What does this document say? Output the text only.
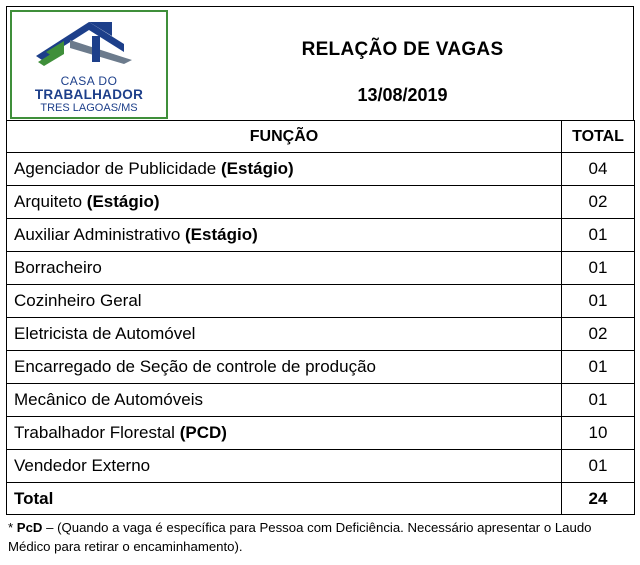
CASA DO
TRABALHADOR
TRES LAGOAS/MS
RELAÇÃO DE VAGAS
13/08/2019
FUNÇÃO	TOTAL
Agenciador de Publicidade (Estágio)	04
Arquiteto (Estágio)	02
Auxiliar Administrativo (Estágio)	01
Borracheiro	01
Cozinheiro Geral	01
Eletricista de Automóvel	02
Encarregado de Seção de controle de produção	01
Mecânico de Automóveis	01
Trabalhador Florestal (PCD)	10
Vendedor Externo	01
Total	24
* PcD – (Quando a vaga é específica para Pessoa com Deficiência. Necessário apresentar o Laudo Médico para retirar o encaminhamento).
